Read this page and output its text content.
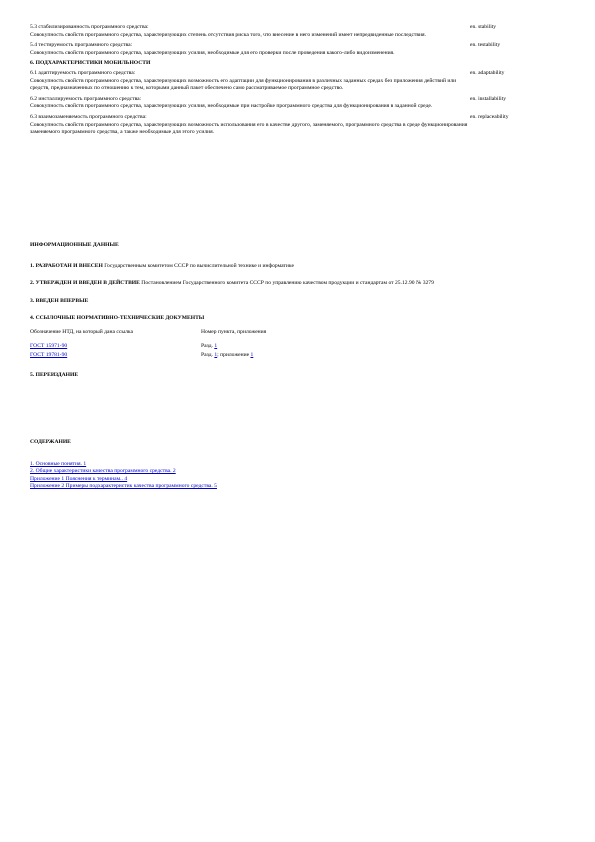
5.3 стабилизированность программного средства:
Совокупность свойств программного средства, характеризующих степень отсутствия риска того, что внесение в него изменений имеет непредвиденные последствия.
en. stability
5.4 тестируемость программного средства:
Совокупность свойств программного средства, характеризующих усилия, необходимые для его проверки после проведения какого-либо видоизменения.
en. testability
6. ПОДХАРАКТЕРИСТИКИ МОБИЛЬНОСТИ
6.1 адаптируемость программного средства:
Совокупность свойств программного средства, характеризующих возможность его адаптации для функционирования в различных заданных средах без приложения действий или средств, предназначенных по отношению к тем, которыми данный пакет обеспечено само рассматриваемое программное средство.
en. adaptability
6.2 инсталлируемость программного средства:
Совокупность свойств программного средства, характеризующих усилия, необходимые при настройке программного средства для функционирования в заданной среде.
en. installability
6.3 взаимозаменяемость программного средства:
Совокупность свойств программного средства, характеризующих возможность использования его в качестве другого, заменяемого, программного средства в среде функционирования заменяемого программного средства, а также необходимые для этого усилия.
en. replaceability
ИНФОРМАЦИОННЫЕ ДАННЫЕ
1. РАЗРАБОТАН И ВНЕСЕН Государственным комитетом СССР по вычислительной технике и информатике
2. УТВЕРЖДЕН И ВВЕДЕН В ДЕЙСТВИЕ Постановлением Государственного комитета СССР по управлению качеством продукции и стандартам от 25.12.90 № 3279
3. ВВЕДЕН ВПЕРВЫЕ
4. ССЫЛОЧНЫЕ НОРМАТИВНО-ТЕХНИЧЕСКИЕ ДОКУМЕНТЫ
Обозначение НТД, на который дана ссылка	Номер пункта, приложения
ГОСТ 15971-90	Разд. 1
ГОСТ 19781-90	Разд. 1; приложение 1
5. ПЕРЕИЗДАНИЕ
СОДЕРЖАНИЕ
1. Основные понятия. 1
2. Общие характеристики качества программного средства. 2
Приложение 1 Пояснения к терминам.. 4
Приложение 2 Примеры подхарактеристик качества программного средства. 5
